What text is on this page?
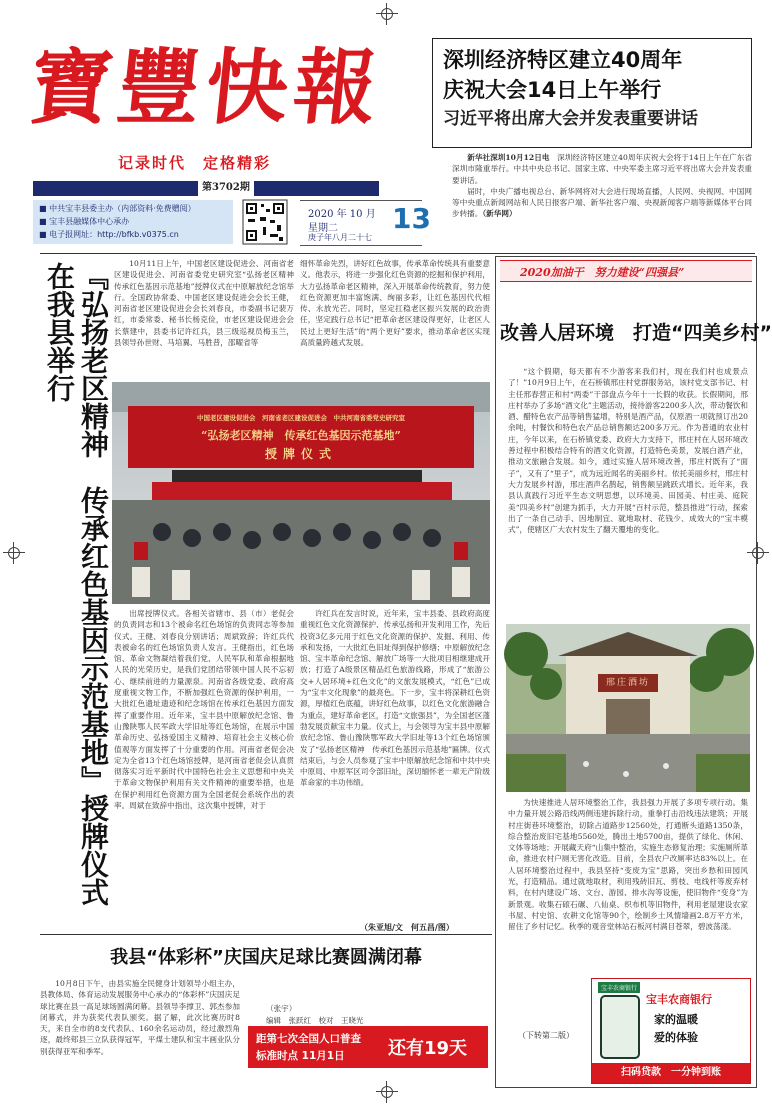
寶豐快報
记录时代　定格精彩
第3702期
■ 中共宝丰县委主办（内部资料·免费赠阅）
■ 宝丰县融媒体中心承办
■ 电子报网址：http://bfkb.v0375.cn
2020 年 10 月
星期二
庚子年八月二十七
13
深圳经济特区建立40周年
庆祝大会14日上午举行
习近平将出席大会并发表重要讲话

新华社深圳10月12日电　 深圳经济特区建立40周年庆祝大会将于14日上午在广东省深圳市隆重举行。中共中央总书记、国家主席、中央军委主席习近平将出席大会并发表重要讲话。

届时，中央广播电视总台、新华网将对大会进行现场直播，人民网、央视网、中国网等中央重点新闻网站和人民日报客户端、新华社客户端、央视新闻客户端等新媒体平台同步转播。（新华网）

『弘扬老区精神　传承红色基因示范基地』授牌仪式在我县举行	10月11日上午，中国老区建设促进会、河南省老区建设促进会、河南省委党史研究室“弘扬老区精神　传承红色基因示范基地”授牌仪式在中原解放纪念馆举行。全国政协常委、中国老区建设促进会会长王健，河南省老区建设促进会会长刘春良，市委副书记裴万红，市委常委、秘书长杨克俭，市老区建设促进会会长蔡建中，县委书记许红兵，县三级巡视员梅玉兰，县领导孙世财、马培翼、马胜普，邵曜省等
细怀革命先烈，讲好红色故事，传承革命传统具有重要意义。他表示，将进一步强化红色资源的挖掘和保护利用，大力弘扬革命老区精神，深入开展革命传统教育，努力使红色资源更加丰富饱满、绚丽多彩，让红色基因代代相传、永放光芒。同时，坚定扛稳老区振兴发展的政治责任，坚定践行总书记“把革命老区建设得更好，让老区人民过上更好生活”的“两个更好”要求，推动革命老区实现高质量跨越式发展。
中国老区建设促进会　河南省老区建设促进会　中共河南省委党史研究室
“弘扬老区精神　传承红色基因示范基地”
授牌仪式
出席授牌仪式。各相关省辖市、县（市）老促会的负责同志和13个被命名红色场馆的负责同志等参加仪式。王健、刘春良分别讲话；周斌致辞；许红兵代表被命名的红色场馆负责人发言。王健指出，红色场馆、革命文物凝结着我们党、人民军队和革命根据地人民的光荣历史，是我们党团结带领中国人民不忘初心、继续前进的力量源泉。河南省各级党委、政府高度重视文物工作，不断加强红色资源的保护利用，一大批红色遗址遗迹和纪念场馆在传承红色基因方面发挥了重要作用。近年来，宝丰县中原解放纪念馆、鲁山豫陕鄂人民军政大学旧址等红色场馆，在展示中国革命历史、弘扬爱国主义精神、培育社会主义核心价值观等方面发挥了十分重要的作用。河南省老促会决定为全省13个红色场馆授牌，是河南省老促会认真贯彻落实习近平新时代中国特色社会主义思想和中央关于革命文物保护利用有关文件精神的重要举措，也是在保护利用红色资源方面为全国老促会系统作出的表率。周斌在致辞中指出，这次集中授牌，对于
许红兵在发言时说，近年来，宝丰县委、县政府高度重视红色文化资源保护、传承弘扬和开发利用工作，先后投资3亿多元用于红色文化资源的保护、发掘、利用、传承和发扬，一大批红色旧址得到保护修缮；中原解放纪念馆、宝丰革命纪念馆、解放广场等一大批项目相继建成开放；打造了A级景区精品红色旅游线路，形成了“旅游公交+人居环境+红色文化”的文旅发展模式，“红色”已成为“宝丰文化现象”的最亮色。下一步，宝丰将深耕红色资源，厚植红色底蕴，讲好红色故事，以红色文化旅游融合为重点，建好革命老区，打造“文旅强县”，为全国老区蓬勃发展贡献宝丰力量。仪式上，与会领导为宝丰县中原解放纪念馆、鲁山豫陕鄂军政大学旧址等13个红色场馆颁发了“弘扬老区精神　传承红色基因示范基地”匾牌。仪式结束后，与会人员参观了宝丰中原解放纪念馆和中共中央中原局、中原军区司令部旧址，深切缅怀老一辈无产阶级革命家的丰功伟绩。
（朱亚旭/文　何五昌/图）
2020加油干　努力建设“四强县”
改善人居环境　打造“四美乡村”
“这个假期，每天都有不少游客来我们村，现在我们村也成景点了！”10月9日上午，在石桥镇邢庄村党群服务站，该村党支部书记、村主任邢春营正和村“两委”干部盘点今年十一长假的收获。长假期间，邢庄村举办了多场“酒文化”主题活动，接待游客2200多人次，带动餐饮和酒、醋特色农产品等销售猛增，特别是酒产品，仅原酒一项就预订出20余吨，村餐饮和特色农产品总销售额达200多万元。作为普通的农业村庄，今年以来，在石桥镇党委、政府大力支持下，邢庄村在人居环境改善过程中积极结合特有的酒文化资源，打造特色美景，发展白酒产业，推动文旅融合发展。如今，通过实施人居环境改善，邢庄村既有了“面子”，又有了“里子”，成为远近闻名的美丽乡村。依托美丽乡村，邢庄村大力发展乡村游，邢庄酒声名鹊起，销售额呈跳跃式增长。近年来，我县认真践行习近平生态文明思想，以环境美、田园美、村庄美、庭院美“四美乡村”创建为抓手，大力开展“百村示范，整县推进”行动，探索出了一条自己动手、因地制宜、就地取材、花钱少、成效大的“宝丰模式”，使辖区广大农村发生了翻天覆地的变化。
邢庄酒坊
为快速推进人居环境整治工作，我县强力开展了多项专项行动。集中力量开展公路沿线两侧违建拆除行动，重拳打击沿线违法建筑；开展村庄街巷环境整治，切除占道路步12560处，打通断头道路1350条，综合整治废旧宅基地5560处，腾出土地5700亩，提供了绿化、休闲、文体等场地；开展藏天府“山集中整治，实施生态修复治理；实施厕所革命，推进农村户厕无害化改造。目前，全县农户改厕率达83%以上。在人居环境整治过程中，我县坚持“变废为宝”思路，突出乡愁和田园风光，打造精品。通过就地取材，利用残砖旧瓦、剪枝、电线杆等废弃材料，在村内建设广场、文台、游园、排水沟等设施，使旧物件“变身”为新景观。收集石磙石碾、八仙桌、织布机等旧物件，利用老屋建设农家书屋、村史馆、农耕文化馆等90个，绘制乡土风情墙画2.8万平方米，留住了乡村记忆。秋季的观音堂林站石板河村满目苍翠，碧波荡漾。
（下转第二版）
宝丰农商银行
宝丰农商银行
家的温暖
爱的体验
扫码贷款　一分钟到账
我县“体彩杯”庆国庆足球比赛圆满闭幕
10月8日下午，由县实施全民健身计划领导小组主办，县教体局、体育运动发展服务中心承办的“体彩杯”庆国庆足球比赛在县一高足球场圆满闭幕。县领导李撑卫、郭杰参加闭幕式，并为获奖代表队颁奖。据了解，此次比赛历时8天，来自全市的8支代表队、160余名运动员，经过激烈角逐，最终郏县三立队获得冠军，平煤士建队和宝丰画业队分别获得亚军和季军。
（张宇）
编辑　张跃红　校对　王晓光
距第七次全国人口普查
标准时点 11月1日 还有19天
